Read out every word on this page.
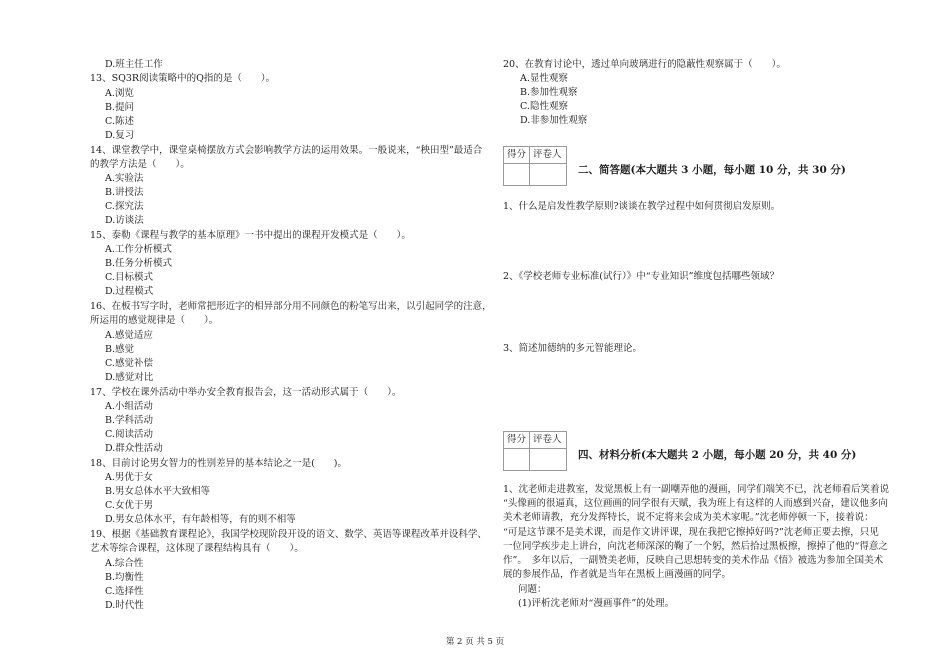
D.班主任工作
13、SQ3R阅读策略中的Q指的是（　　）。
A.浏览
B.提问
C.陈述
D.复习
14、课堂教学中，课堂桌椅摆放方式会影响教学方法的运用效果。一般说来，“秧田型”最适合
的教学方法是（　　）。
A.实验法
B.讲授法
C.探究法
D.访谈法
15、泰勒《课程与教学的基本原理》一书中提出的课程开发模式是（　　）。
A.工作分析模式
B.任务分析模式
C.目标模式
D.过程模式
16、在板书写字时，老师常把形近字的相异部分用不同颜色的粉笔写出来，以引起同学的注意，
所运用的感觉规律是（　　）。
A.感觉适应
B.感觉
C.感觉补偿
D.感觉对比
17、学校在课外活动中举办安全教育报告会，这一活动形式属于（　　）。
A.小组活动
B.学科活动
C.阅读活动
D.群众性活动
18、目前讨论男女智力的性别差异的基本结论之一是(　　)。
A.男优于女
B.男女总体水平大致相等
C.女优于男
D.男女总体水平，有年龄相等，有的则不相等
19、根据《基础教育课程论》，我国学校现阶段开设的语文、数学、英语等课程改革并设科学、
艺术等综合课程，这体现了课程结构具有（　　）。
A.综合性
B.均衡性
C.选择性
D.时代性
20、在教育讨论中，透过单向玻璃进行的隐蔽性观察属于（　　）。
A.显性观察
B.参加性观察
C.隐性观察
D.非参加性观察
得分 评卷人
二、简答题(本大题共 3 小题，每小题 10 分，共 30 分)
1、什么是启发性教学原则?谈谈在教学过程中如何贯彻启发原则。
2、《学校老师专业标准(试行）》中“专业知识”维度包括哪些领域？
3、简述加德纳的多元智能理论。
得分 评卷人
四、材料分析(本大题共 2 小题，每小题 20 分，共 40 分)
1、沈老师走进教室，发觉黑板上有一副嘲弄他的漫画，同学们端笑不已，沈老师看后笑着说
“头像画的很逼真，这位画画的同学很有天赋，我为班上有这样的人而感到兴奋，建议他多向
美术老师请教，充分发挥特长，说不定将来会成为美术家呢。”沈老师停顿一下，接着说：
“可是这节课不是美术课，而是作文讲评课，现在我把它擦掉好吗?”沈老师正要去擦，只见
一位同学疾步走上讲台，向沈老师深深的鞠了一个躬，然后拾过黑板擦，擦掉了他的“得意之
作”。　多年以后，一副赞美老师，反映自己思想转变的美术作品《悟》被选为参加全国美术
展的参展作品，作者就是当年在黑板上画漫画的同学。
问题：
(1)评析沈老师对“漫画事件”的处理。
第 2 页 共 5 页
